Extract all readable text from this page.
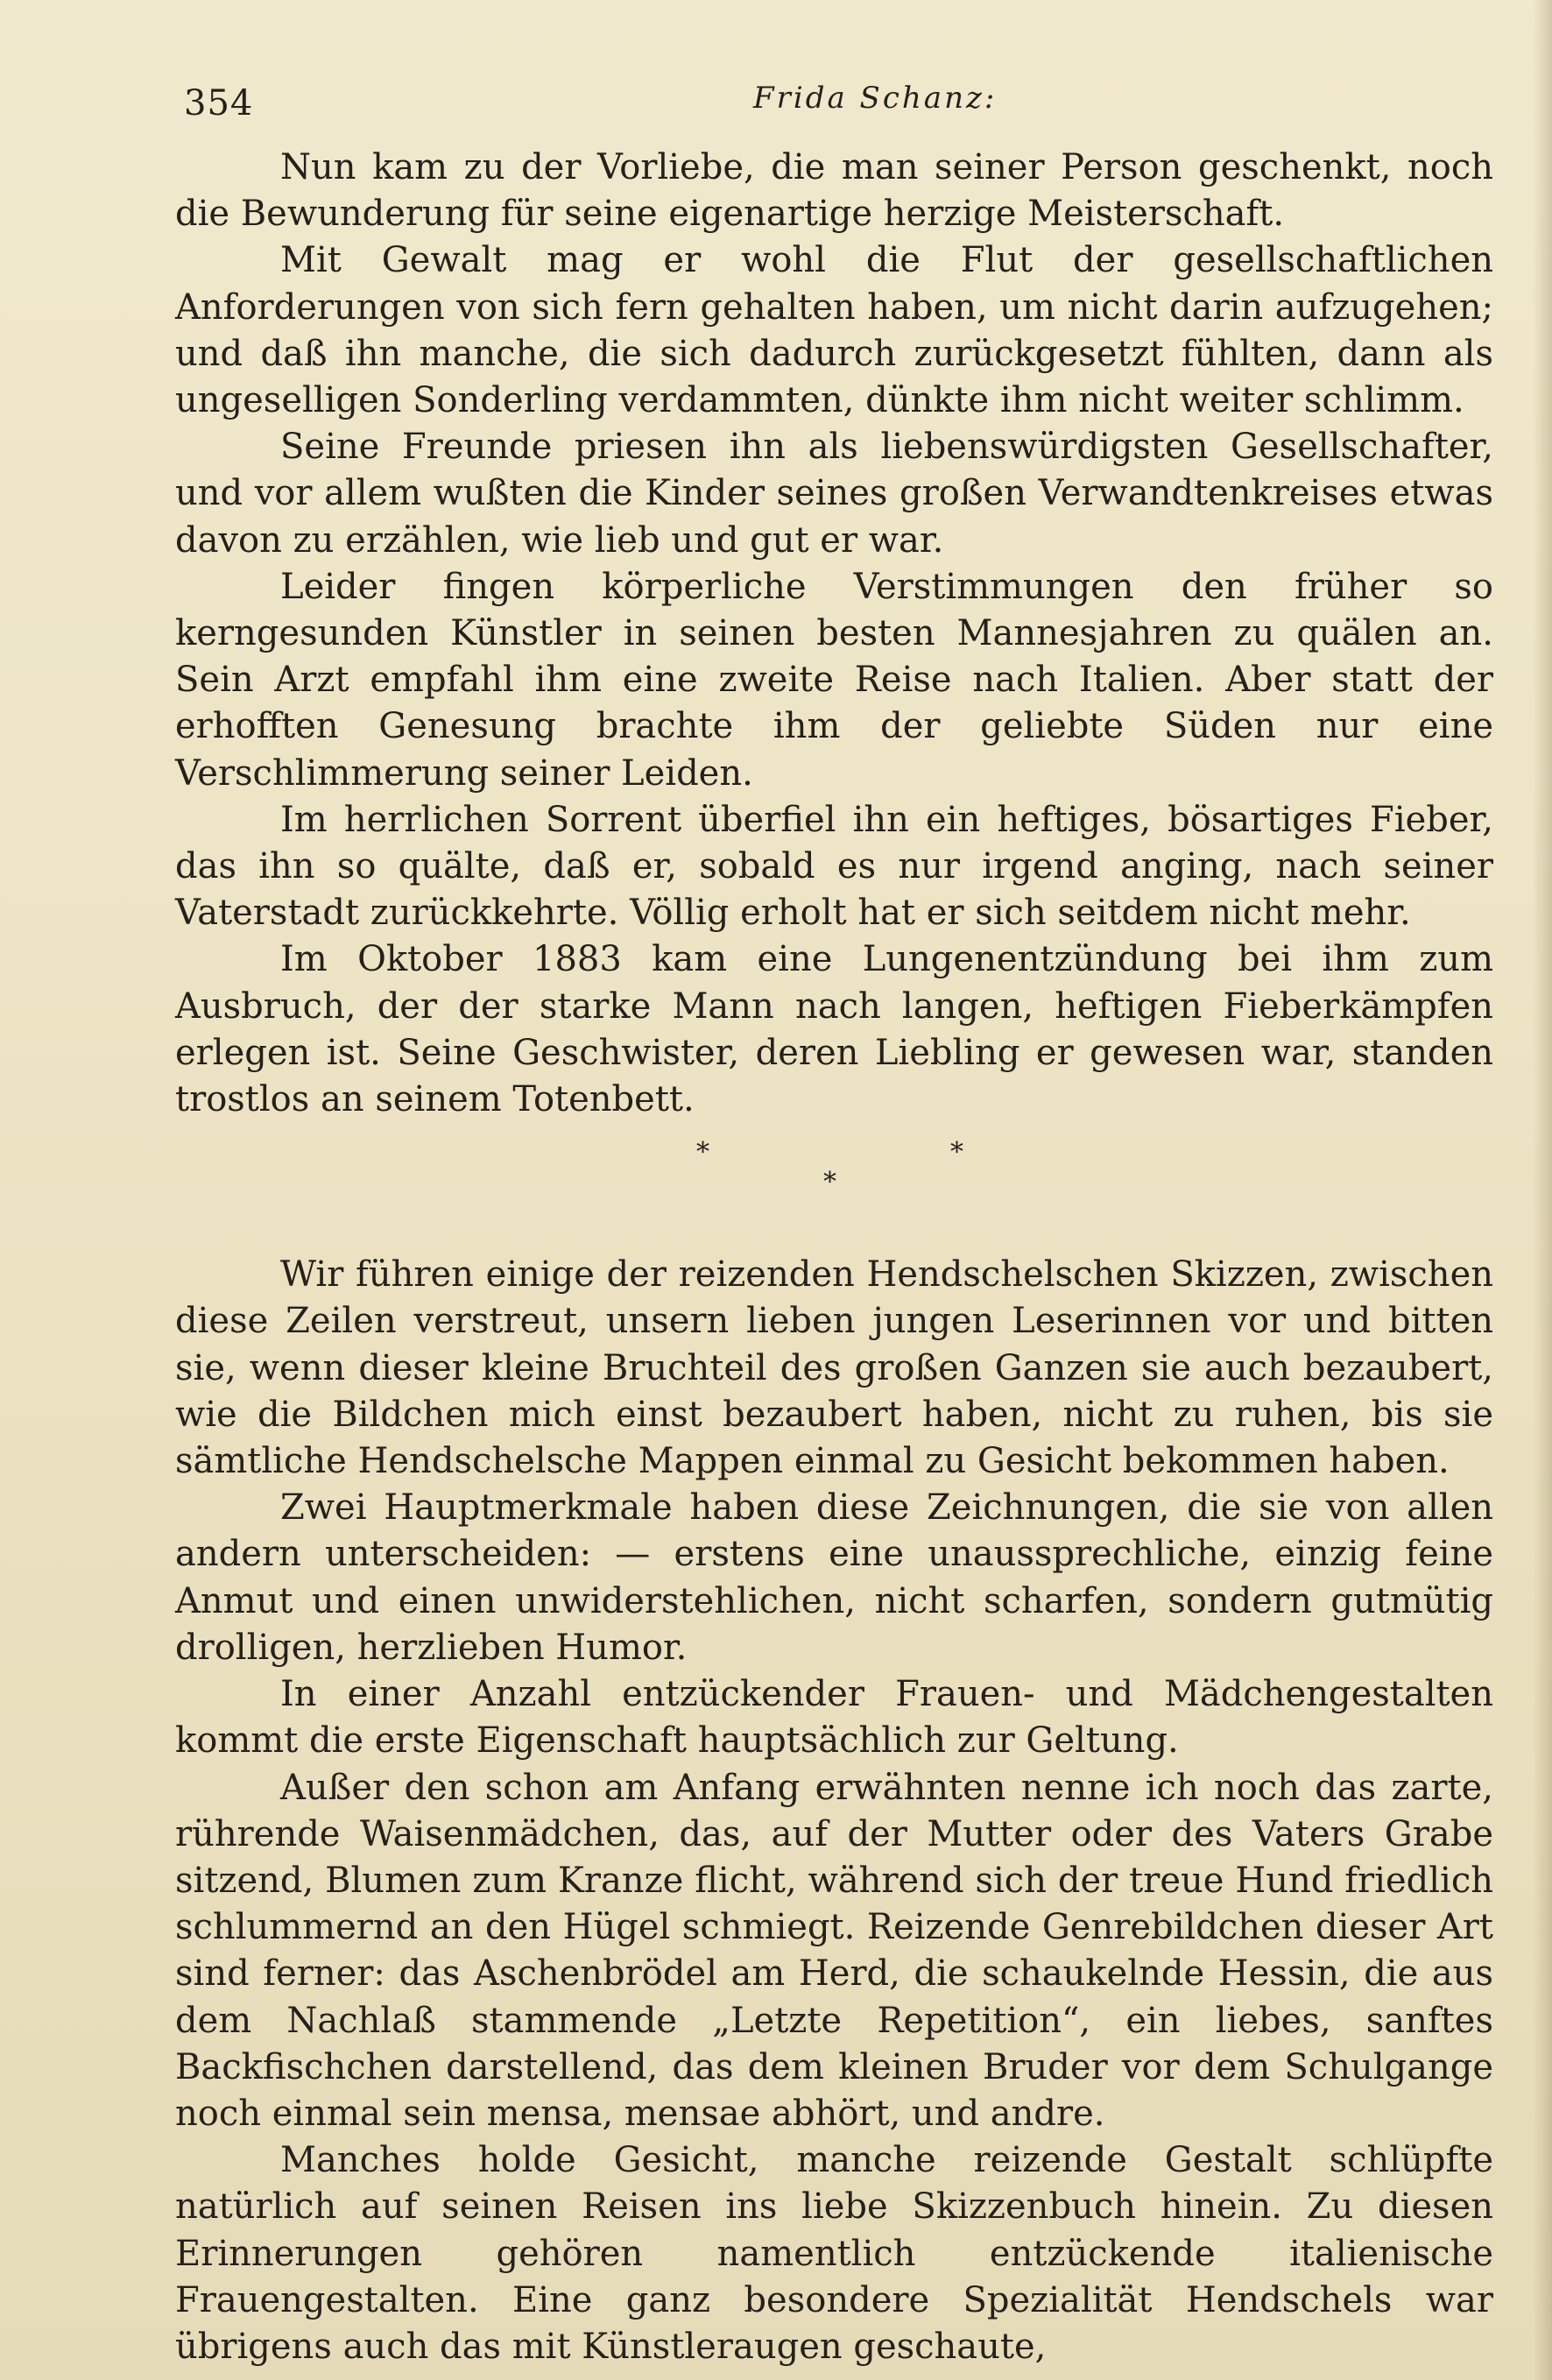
354	Frida Schanz:

Nun kam zu der Vorliebe, die man seiner Person geschenkt, noch die Bewunderung für seine eigenartige herzige Meisterschaft.

Mit Gewalt mag er wohl die Flut der gesellschaftlichen Anforderungen von sich fern gehalten haben, um nicht darin aufzugehen; und daß ihn manche, die sich dadurch zurückgesetzt fühlten, dann als ungeselligen Sonderling verdammten, dünkte ihm nicht weiter schlimm.

Seine Freunde priesen ihn als liebenswürdigsten Gesellschafter, und vor allem wußten die Kinder seines großen Verwandtenkreises etwas davon zu erzählen, wie lieb und gut er war.

Leider fingen körperliche Verstimmungen den früher so kerngesunden Künstler in seinen besten Mannesjahren zu quälen an. Sein Arzt empfahl ihm eine zweite Reise nach Italien. Aber statt der erhofften Genesung brachte ihm der geliebte Süden nur eine Verschlimmerung seiner Leiden.

Im herrlichen Sorrent überfiel ihn ein heftiges, bösartiges Fieber, das ihn so quälte, daß er, sobald es nur irgend anging, nach seiner Vaterstadt zurückkehrte. Völlig erholt hat er sich seitdem nicht mehr.

Im Oktober 1883 kam eine Lungenentzündung bei ihm zum Ausbruch, der der starke Mann nach langen, heftigen Fieberkämpfen erlegen ist. Seine Geschwister, deren Liebling er gewesen war, standen trostlos an seinem Totenbett.

*	*
*

Wir führen einige der reizenden Hendschelschen Skizzen, zwischen diese Zeilen verstreut, unsern lieben jungen Leserinnen vor und bitten sie, wenn dieser kleine Bruchteil des großen Ganzen sie auch bezaubert, wie die Bildchen mich einst bezaubert haben, nicht zu ruhen, bis sie sämtliche Hendschelsche Mappen einmal zu Gesicht bekommen haben.

Zwei Hauptmerkmale haben diese Zeichnungen, die sie von allen andern unterscheiden: — erstens eine unaussprechliche, einzig feine Anmut und einen unwiderstehlichen, nicht scharfen, sondern gutmütig drolligen, herzlieben Humor.

In einer Anzahl entzückender Frauen- und Mädchengestalten kommt die erste Eigenschaft hauptsächlich zur Geltung.

Außer den schon am Anfang erwähnten nenne ich noch das zarte, rührende Waisenmädchen, das, auf der Mutter oder des Vaters Grabe sitzend, Blumen zum Kranze flicht, während sich der treue Hund friedlich schlummernd an den Hügel schmiegt. Reizende Genrebildchen dieser Art sind ferner: das Aschenbrödel am Herd, die schaukelnde Hessin, die aus dem Nachlaß stammende „Letzte Repetition“, ein liebes, sanftes Backfischchen darstellend, das dem kleinen Bruder vor dem Schulgange noch einmal sein mensa, mensae abhört, und andre.

Manches holde Gesicht, manche reizende Gestalt schlüpfte natürlich auf seinen Reisen ins liebe Skizzenbuch hinein. Zu diesen Erinnerungen gehören namentlich entzückende italienische Frauengestalten. Eine ganz besondere Spezialität Hendschels war übrigens auch das mit Künstleraugen geschaute,
